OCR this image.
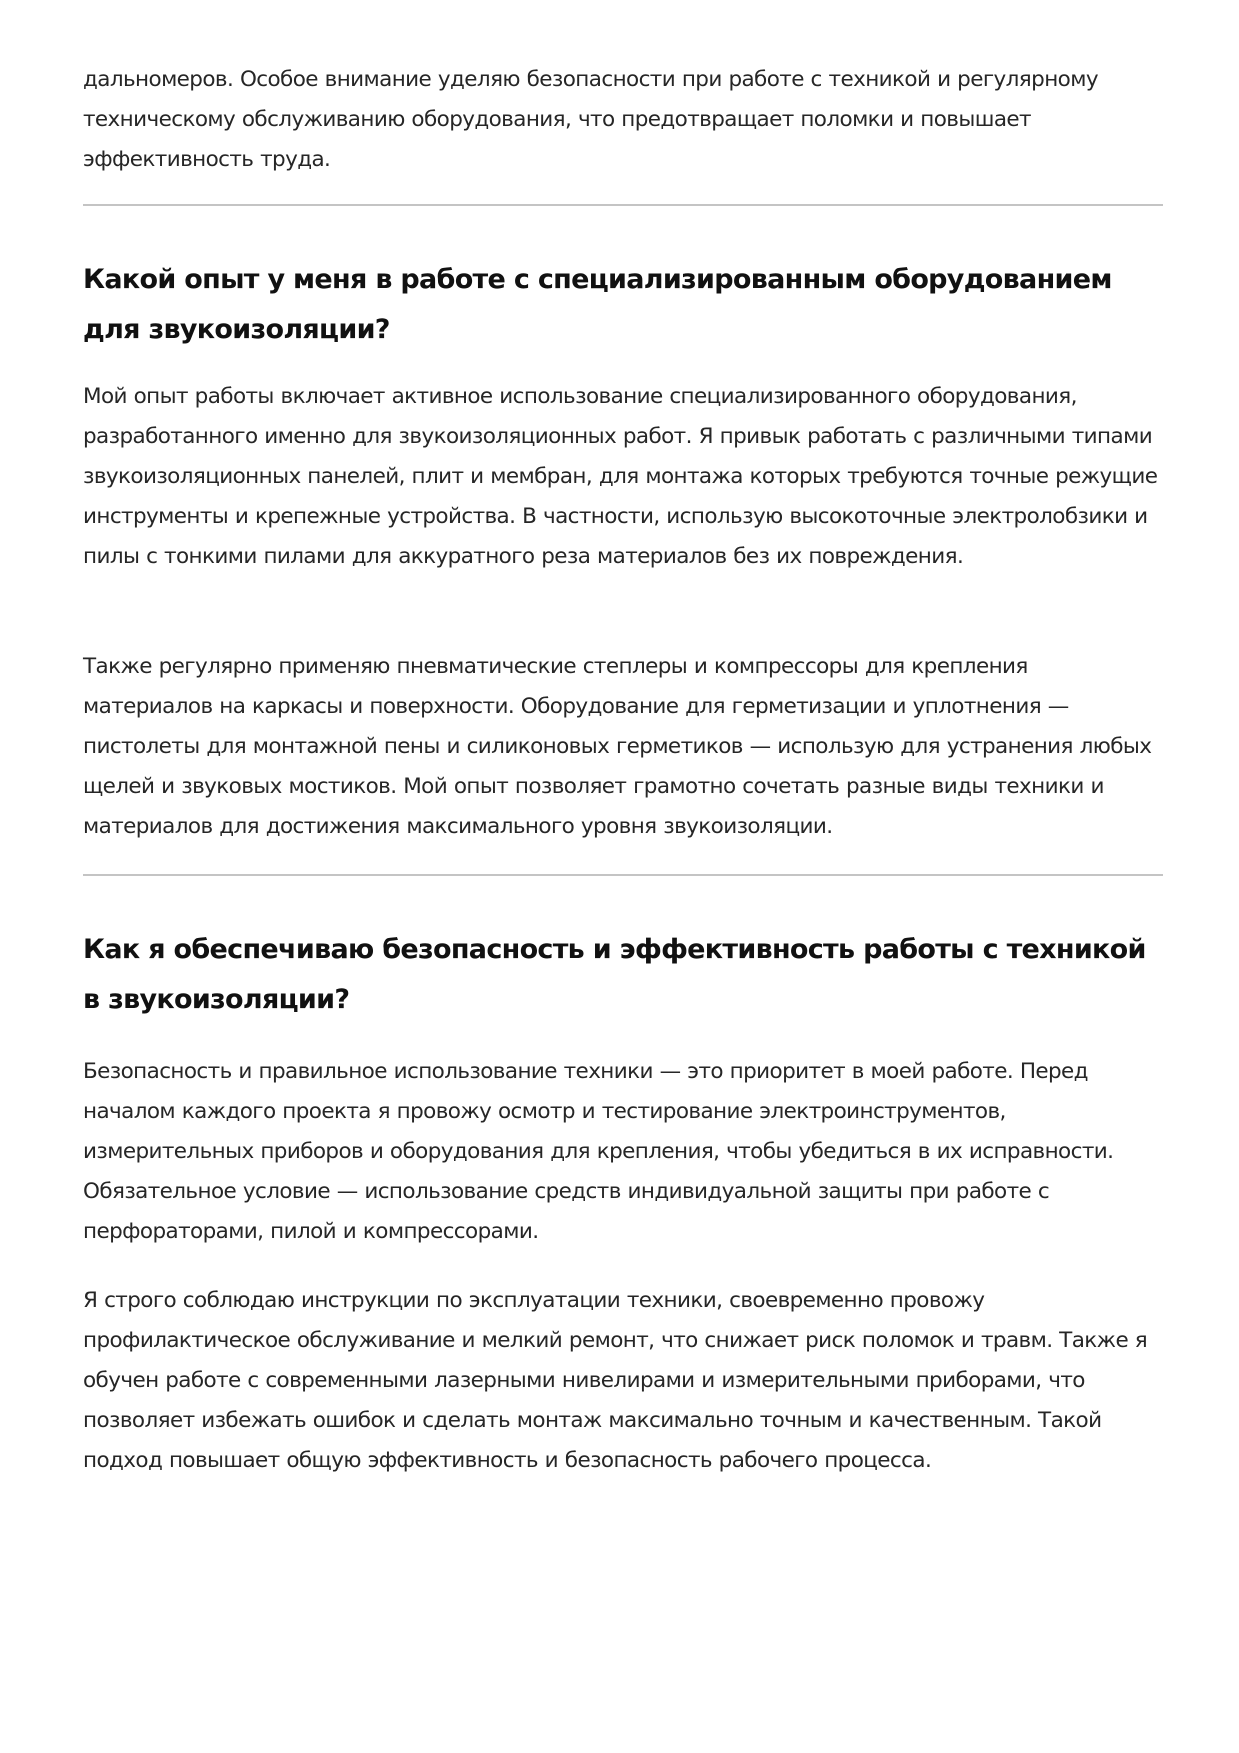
дальномеров. Особое внимание уделяю безопасности при работе с техникой и регулярному техническому обслуживанию оборудования, что предотвращает поломки и повышает эффективность труда.

Какой опыт у меня в работе с специализированным оборудованием для звукоизоляции?

Мой опыт работы включает активное использование специализированного оборудования, разработанного именно для звукоизоляционных работ. Я привык работать с различными типами звукоизоляционных панелей, плит и мембран, для монтажа которых требуются точные режущие инструменты и крепежные устройства. В частности, использую высокоточные электролобзики и пилы с тонкими пилами для аккуратного реза материалов без их повреждения.

Также регулярно применяю пневматические степлеры и компрессоры для крепления материалов на каркасы и поверхности. Оборудование для герметизации и уплотнения — пистолеты для монтажной пены и силиконовых герметиков — использую для устранения любых щелей и звуковых мостиков. Мой опыт позволяет грамотно сочетать разные виды техники и материалов для достижения максимального уровня звукоизоляции.

Как я обеспечиваю безопасность и эффективность работы с техникой в звукоизоляции?

Безопасность и правильное использование техники — это приоритет в моей работе. Перед началом каждого проекта я провожу осмотр и тестирование электроинструментов, измерительных приборов и оборудования для крепления, чтобы убедиться в их исправности. Обязательное условие — использование средств индивидуальной защиты при работе с перфораторами, пилой и компрессорами.

Я строго соблюдаю инструкции по эксплуатации техники, своевременно провожу профилактическое обслуживание и мелкий ремонт, что снижает риск поломок и травм. Также я обучен работе с современными лазерными нивелирами и измерительными приборами, что позволяет избежать ошибок и сделать монтаж максимально точным и качественным. Такой подход повышает общую эффективность и безопасность рабочего процесса.
